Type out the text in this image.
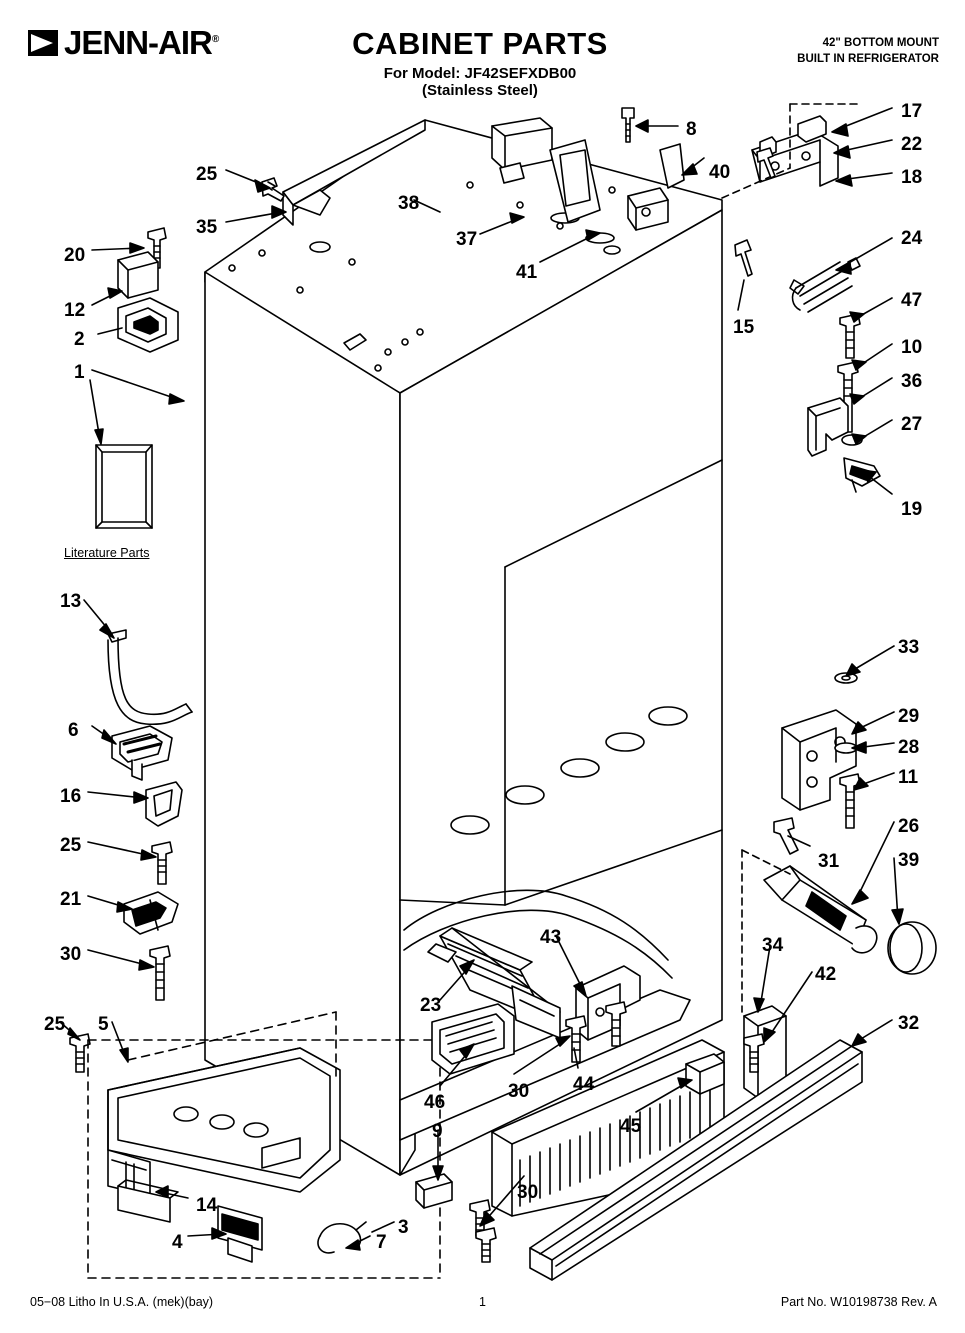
JENN-AIR®	CABINET PARTS
For Model: JF42SEFXDB00
(Stainless Steel)
42" BOTTOM MOUNT
BUILT IN REFRIGERATOR
8
17
22
18
40
25
35
38
37
41
20
12
2
1
15
24
47
10
36
27
19
13
6
16
25
21
30
33
29
28
11
26
39
31
34
42
32
43
23
44
30
46
9	45
30
25 5
14
4	7
3
Literature Parts
05−08 Litho In U.S.A. (mek)(bay)	1	Part No. W10198738 Rev. A
